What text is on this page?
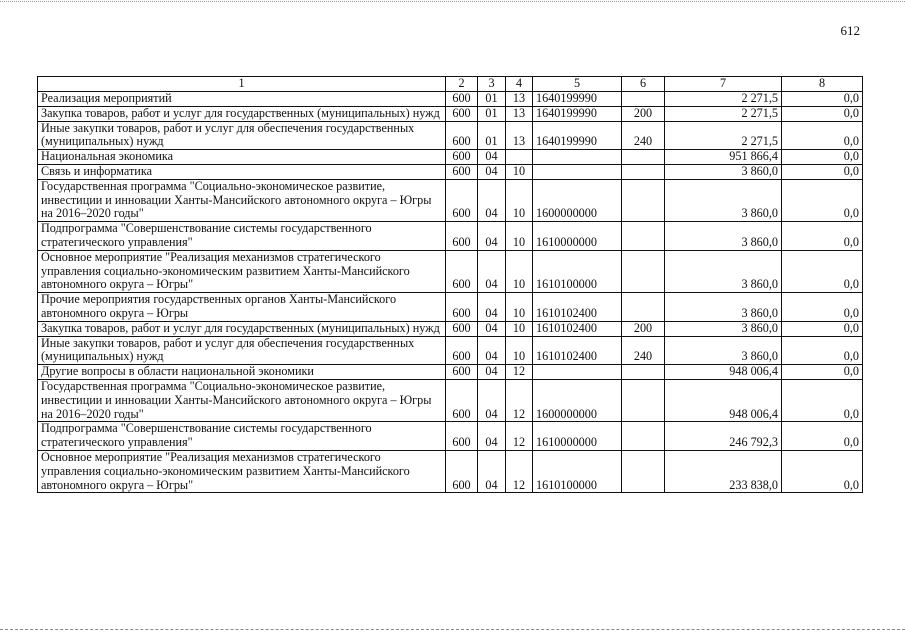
612
1	2	3	4	5	6	7	8
Реализация мероприятий	600	01	13	1640199990		2 271,5	0,0
Закупка товаров, работ и услуг для государственных (муниципальных) нужд	600	01	13	1640199990	200	2 271,5	0,0
Иные закупки товаров, работ и услуг для обеспечения государственных (муниципальных) нужд	600	01	13	1640199990	240	2 271,5	0,0
Национальная экономика	600	04				951 866,4	0,0
Связь и информатика	600	04	10			3 860,0	0,0
Государственная программа "Социально-экономическое развитие, инвестиции и инновации Ханты-Мансийского автономного округа – Югры на 2016–2020 годы"	600	04	10	1600000000		3 860,0	0,0
Подпрограмма "Совершенствование системы государственного стратегического управления"	600	04	10	1610000000		3 860,0	0,0
Основное мероприятие "Реализация механизмов стратегического управления социально-экономическим развитием Ханты-Мансийского автономного округа – Югры"	600	04	10	1610100000		3 860,0	0,0
Прочие мероприятия государственных органов Ханты-Мансийского автономного округа – Югры	600	04	10	1610102400		3 860,0	0,0
Закупка товаров, работ и услуг для государственных (муниципальных) нужд	600	04	10	1610102400	200	3 860,0	0,0
Иные закупки товаров, работ и услуг для обеспечения государственных (муниципальных) нужд	600	04	10	1610102400	240	3 860,0	0,0
Другие вопросы в области национальной экономики	600	04	12			948 006,4	0,0
Государственная программа "Социально-экономическое развитие, инвестиции и инновации Ханты-Мансийского автономного округа – Югры на 2016–2020 годы"	600	04	12	1600000000		948 006,4	0,0
Подпрограмма "Совершенствование системы государственного стратегического управления"	600	04	12	1610000000		246 792,3	0,0
Основное мероприятие "Реализация механизмов стратегического управления социально-экономическим развитием Ханты-Мансийского автономного округа – Югры"	600	04	12	1610100000		233 838,0	0,0
